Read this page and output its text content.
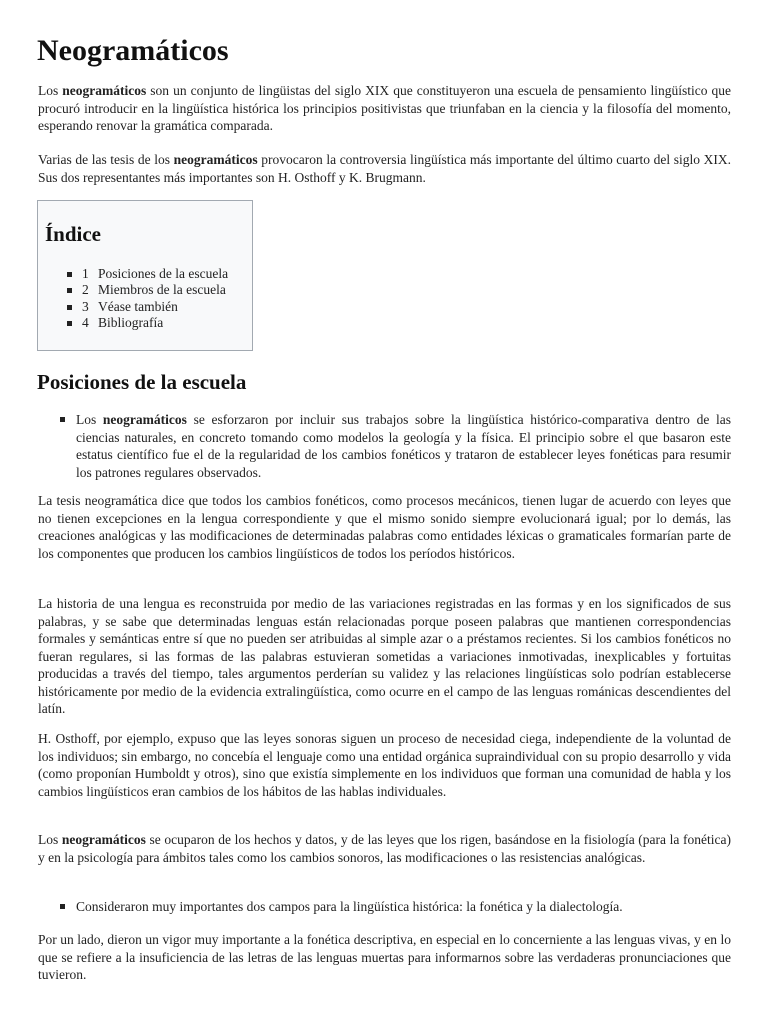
Neogramáticos

Los neogramáticos son un conjunto de lingüistas del siglo XIX que constituyeron una escuela de pensamiento lingüístico que procuró introducir en la lingüística histórica los principios positivistas que triunfaban en la ciencia y la filosofía del momento, esperando renovar la gramática comparada.

Varias de las tesis de los neogramáticos provocaron la controversia lingüística más importante del último cuarto del siglo XIX. Sus dos representantes más importantes son H. Osthoff y K. Brugmann.

Índice
1 Posiciones de la escuela
2 Miembros de la escuela
3 Véase también
4 Bibliografía
Posiciones de la escuela

Los neogramáticos se esforzaron por incluir sus trabajos sobre la lingüística histórico-comparativa dentro de las ciencias naturales, en concreto tomando como modelos la geología y la física. El principio sobre el que basaron este estatus científico fue el de la regularidad de los cambios fonéticos y trataron de establecer leyes fonéticas para resumir los patrones regulares observados.

La tesis neogramática dice que todos los cambios fonéticos, como procesos mecánicos, tienen lugar de acuerdo con leyes que no tienen excepciones en la lengua correspondiente y que el mismo sonido siempre evolucionará igual; por lo demás, las creaciones analógicas y las modificaciones de determinadas palabras como entidades léxicas o gramaticales formarían parte de los componentes que producen los cambios lingüísticos de todos los períodos históricos.

La historia de una lengua es reconstruida por medio de las variaciones registradas en las formas y en los significados de sus palabras, y se sabe que determinadas lenguas están relacionadas porque poseen palabras que mantienen correspondencias formales y semánticas entre sí que no pueden ser atribuidas al simple azar o a préstamos recientes. Si los cambios fonéticos no fueran regulares, si las formas de las palabras estuvieran sometidas a variaciones inmotivadas, inexplicables y fortuitas producidas a través del tiempo, tales argumentos perderían su validez y las relaciones lingüísticas solo podrían establecerse históricamente por medio de la evidencia extralingüística, como ocurre en el campo de las lenguas románicas descendientes del latín.

H. Osthoff, por ejemplo, expuso que las leyes sonoras siguen un proceso de necesidad ciega, independiente de la voluntad de los individuos; sin embargo, no concebía el lenguaje como una entidad orgánica supraindividual con su propio desarrollo y vida (como proponían Humboldt y otros), sino que existía simplemente en los individuos que forman una comunidad de habla y los cambios lingüísticos eran cambios de los hábitos de las hablas individuales.

Los neogramáticos se ocuparon de los hechos y datos, y de las leyes que los rigen, basándose en la fisiología (para la fonética) y en la psicología para ámbitos tales como los cambios sonoros, las modificaciones o las resistencias analógicas.

Consideraron muy importantes dos campos para la lingüística histórica: la fonética y la dialectología.

Por un lado, dieron un vigor muy importante a la fonética descriptiva, en especial en lo concerniente a las lenguas vivas, y en lo que se refiere a la insuficiencia de las letras de las lenguas muertas para informarnos sobre las verdaderas pronunciaciones que tuvieron.
